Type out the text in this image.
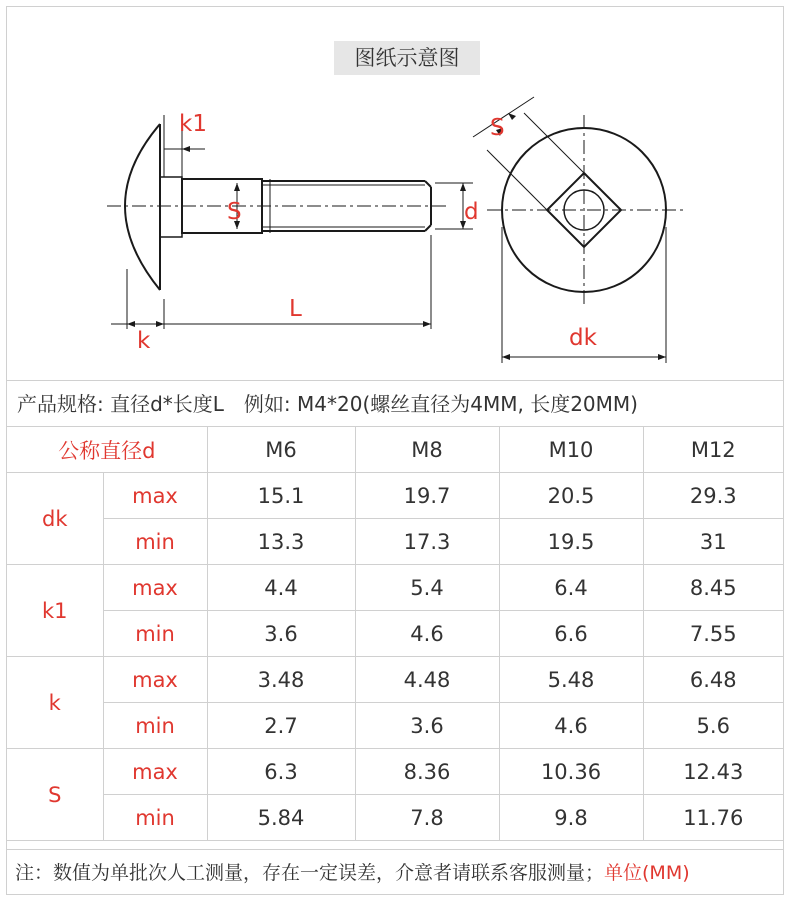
图纸示意图
k1
S	d
L
k
S
dk
产品规格: 直径d*长度L　例如: M4*20(螺丝直径为4MM, 长度20MM)
公称直径d		M6	M8	M10	M12
dk	max	15.1	19.7	20.5	29.3
	min	13.3	17.3	19.5	31
k1	max	4.4	5.4	6.4	8.45
	min	3.6	4.6	6.6	7.55
k	max	3.48	4.48	5.48	6.48
	min	2.7	3.6	4.6	5.6
S	max	6.3	8.36	10.36	12.43
	min	5.84	7.8	9.8	11.76
注：数值为单批次人工测量，存在一定误差，介意者请联系客服测量；单位(MM)
